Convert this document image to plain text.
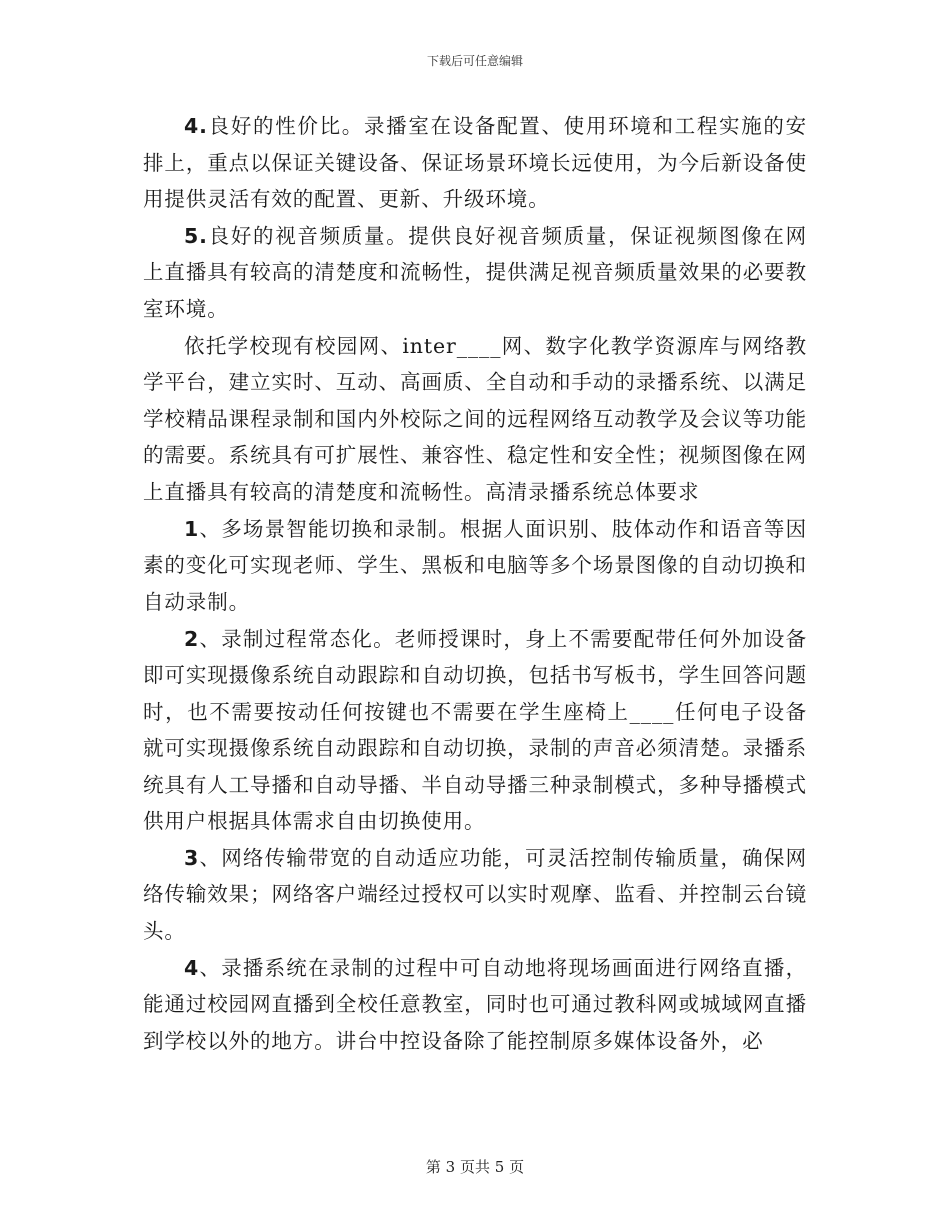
下载后可任意编辑

4.良好的性价比。录播室在设备配置、使用环境和工程实施的安排上，重点以保证关键设备、保证场景环境长远使用，为今后新设备使用提供灵活有效的配置、更新、升级环境。

5.良好的视音频质量。提供良好视音频质量，保证视频图像在网上直播具有较高的清楚度和流畅性，提供满足视音频质量效果的必要教室环境。

依托学校现有校园网、inter____网、数字化教学资源库与网络教学平台，建立实时、互动、高画质、全自动和手动的录播系统、以满足学校精品课程录制和国内外校际之间的远程网络互动教学及会议等功能的需要。系统具有可扩展性、兼容性、稳定性和安全性；视频图像在网上直播具有较高的清楚度和流畅性。高清录播系统总体要求

1、多场景智能切换和录制。根据人面识别、肢体动作和语音等因素的变化可实现老师、学生、黑板和电脑等多个场景图像的自动切换和自动录制。

2、录制过程常态化。老师授课时，身上不需要配带任何外加设备即可实现摄像系统自动跟踪和自动切换，包括书写板书，学生回答问题时，也不需要按动任何按键也不需要在学生座椅上____任何电子设备就可实现摄像系统自动跟踪和自动切换，录制的声音必须清楚。录播系统具有人工导播和自动导播、半自动导播三种录制模式，多种导播模式供用户根据具体需求自由切换使用。

3、网络传输带宽的自动适应功能，可灵活控制传输质量，确保网络传输效果；网络客户端经过授权可以实时观摩、监看、并控制云台镜头。

4、录播系统在录制的过程中可自动地将现场画面进行网络直播，能通过校园网直播到全校任意教室，同时也可通过教科网或城域网直播到学校以外的地方。讲台中控设备除了能控制原多媒体设备外，必

第 3 页共 5 页
